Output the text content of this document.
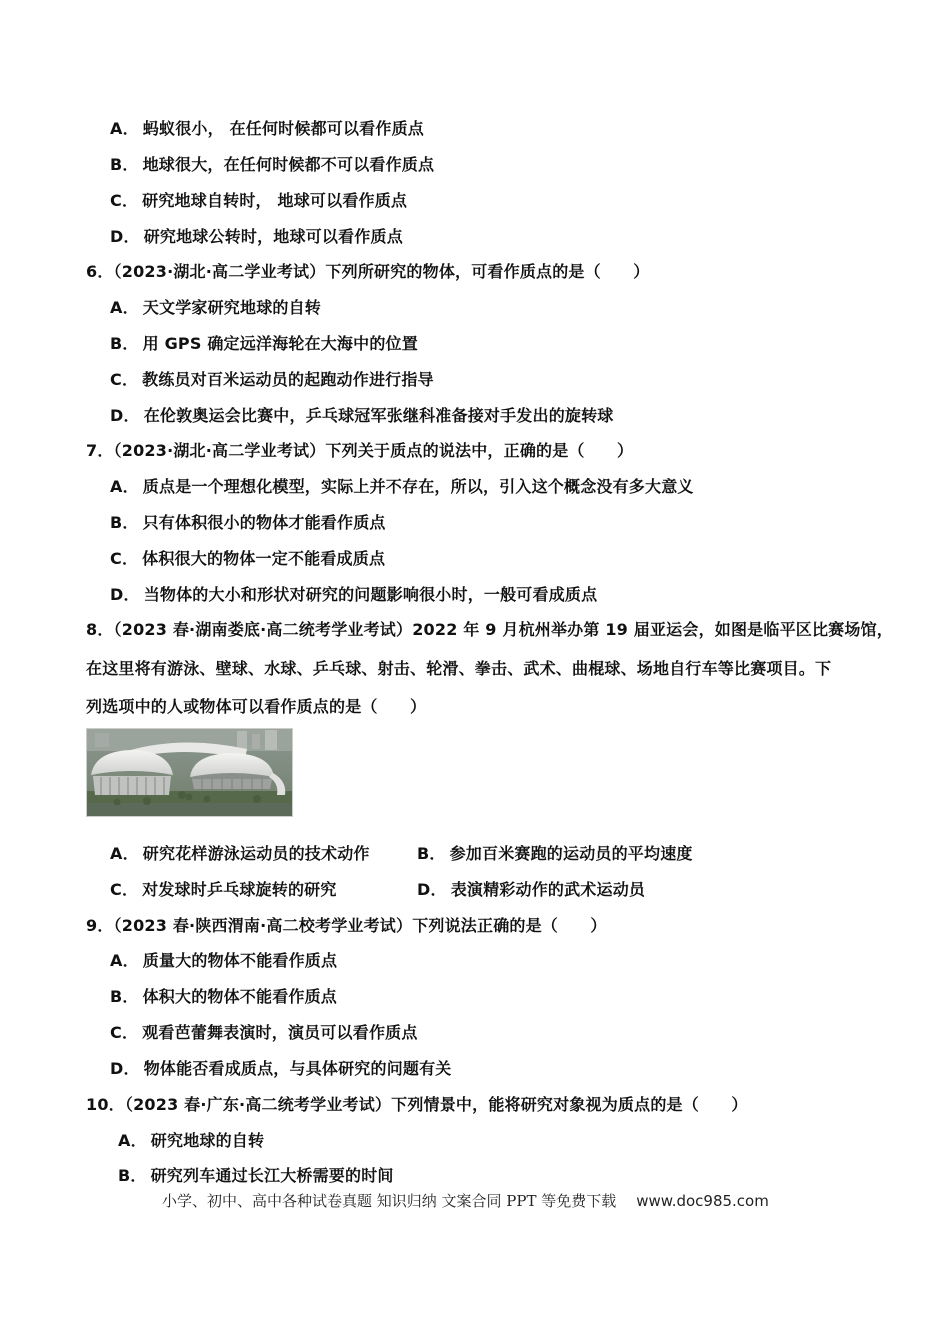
A． 蚂蚁很小， 在任何时候都可以看作质点
B． 地球很大，在任何时候都不可以看作质点
C． 研究地球自转时， 地球可以看作质点
D． 研究地球公转时，地球可以看作质点
6．（2023·湖北·高二学业考试）下列所研究的物体，可看作质点的是（　　）
A． 天文学家研究地球的自转
B． 用 GPS 确定远洋海轮在大海中的位置
C． 教练员对百米运动员的起跑动作进行指导
D． 在伦敦奥运会比赛中，乒乓球冠军张继科准备接对手发出的旋转球
7．（2023·湖北·高二学业考试）下列关于质点的说法中，正确的是（　　）
A． 质点是一个理想化模型，实际上并不存在，所以，引入这个概念没有多大意义
B． 只有体积很小的物体才能看作质点
C． 体积很大的物体一定不能看成质点
D． 当物体的大小和形状对研究的问题影响很小时，一般可看成质点
8．（2023 春·湖南娄底·高二统考学业考试）2022 年 9 月杭州举办第 19 届亚运会，如图是临平区比赛场馆，
在这里将有游泳、壁球、水球、乒乓球、射击、轮滑、拳击、武术、曲棍球、场地自行车等比赛项目。下
列选项中的人或物体可以看作质点的是（　　）
A． 研究花样游泳运动员的技术动作	B． 参加百米赛跑的运动员的平均速度
C． 对发球时乒乓球旋转的研究	D． 表演精彩动作的武术运动员
9．（2023 春·陕西渭南·高二校考学业考试）下列说法正确的是（　　）
A． 质量大的物体不能看作质点
B． 体积大的物体不能看作质点
C． 观看芭蕾舞表演时，演员可以看作质点
D． 物体能否看成质点，与具体研究的问题有关
10．（2023 春·广东·高二统考学业考试）下列情景中，能将研究对象视为质点的是（　　）
A． 研究地球的自转
B． 研究列车通过长江大桥需要的时间
小学、初中、高中各种试卷真题 知识归纳 文案合同 PPT 等免费下载 www.doc985.com
